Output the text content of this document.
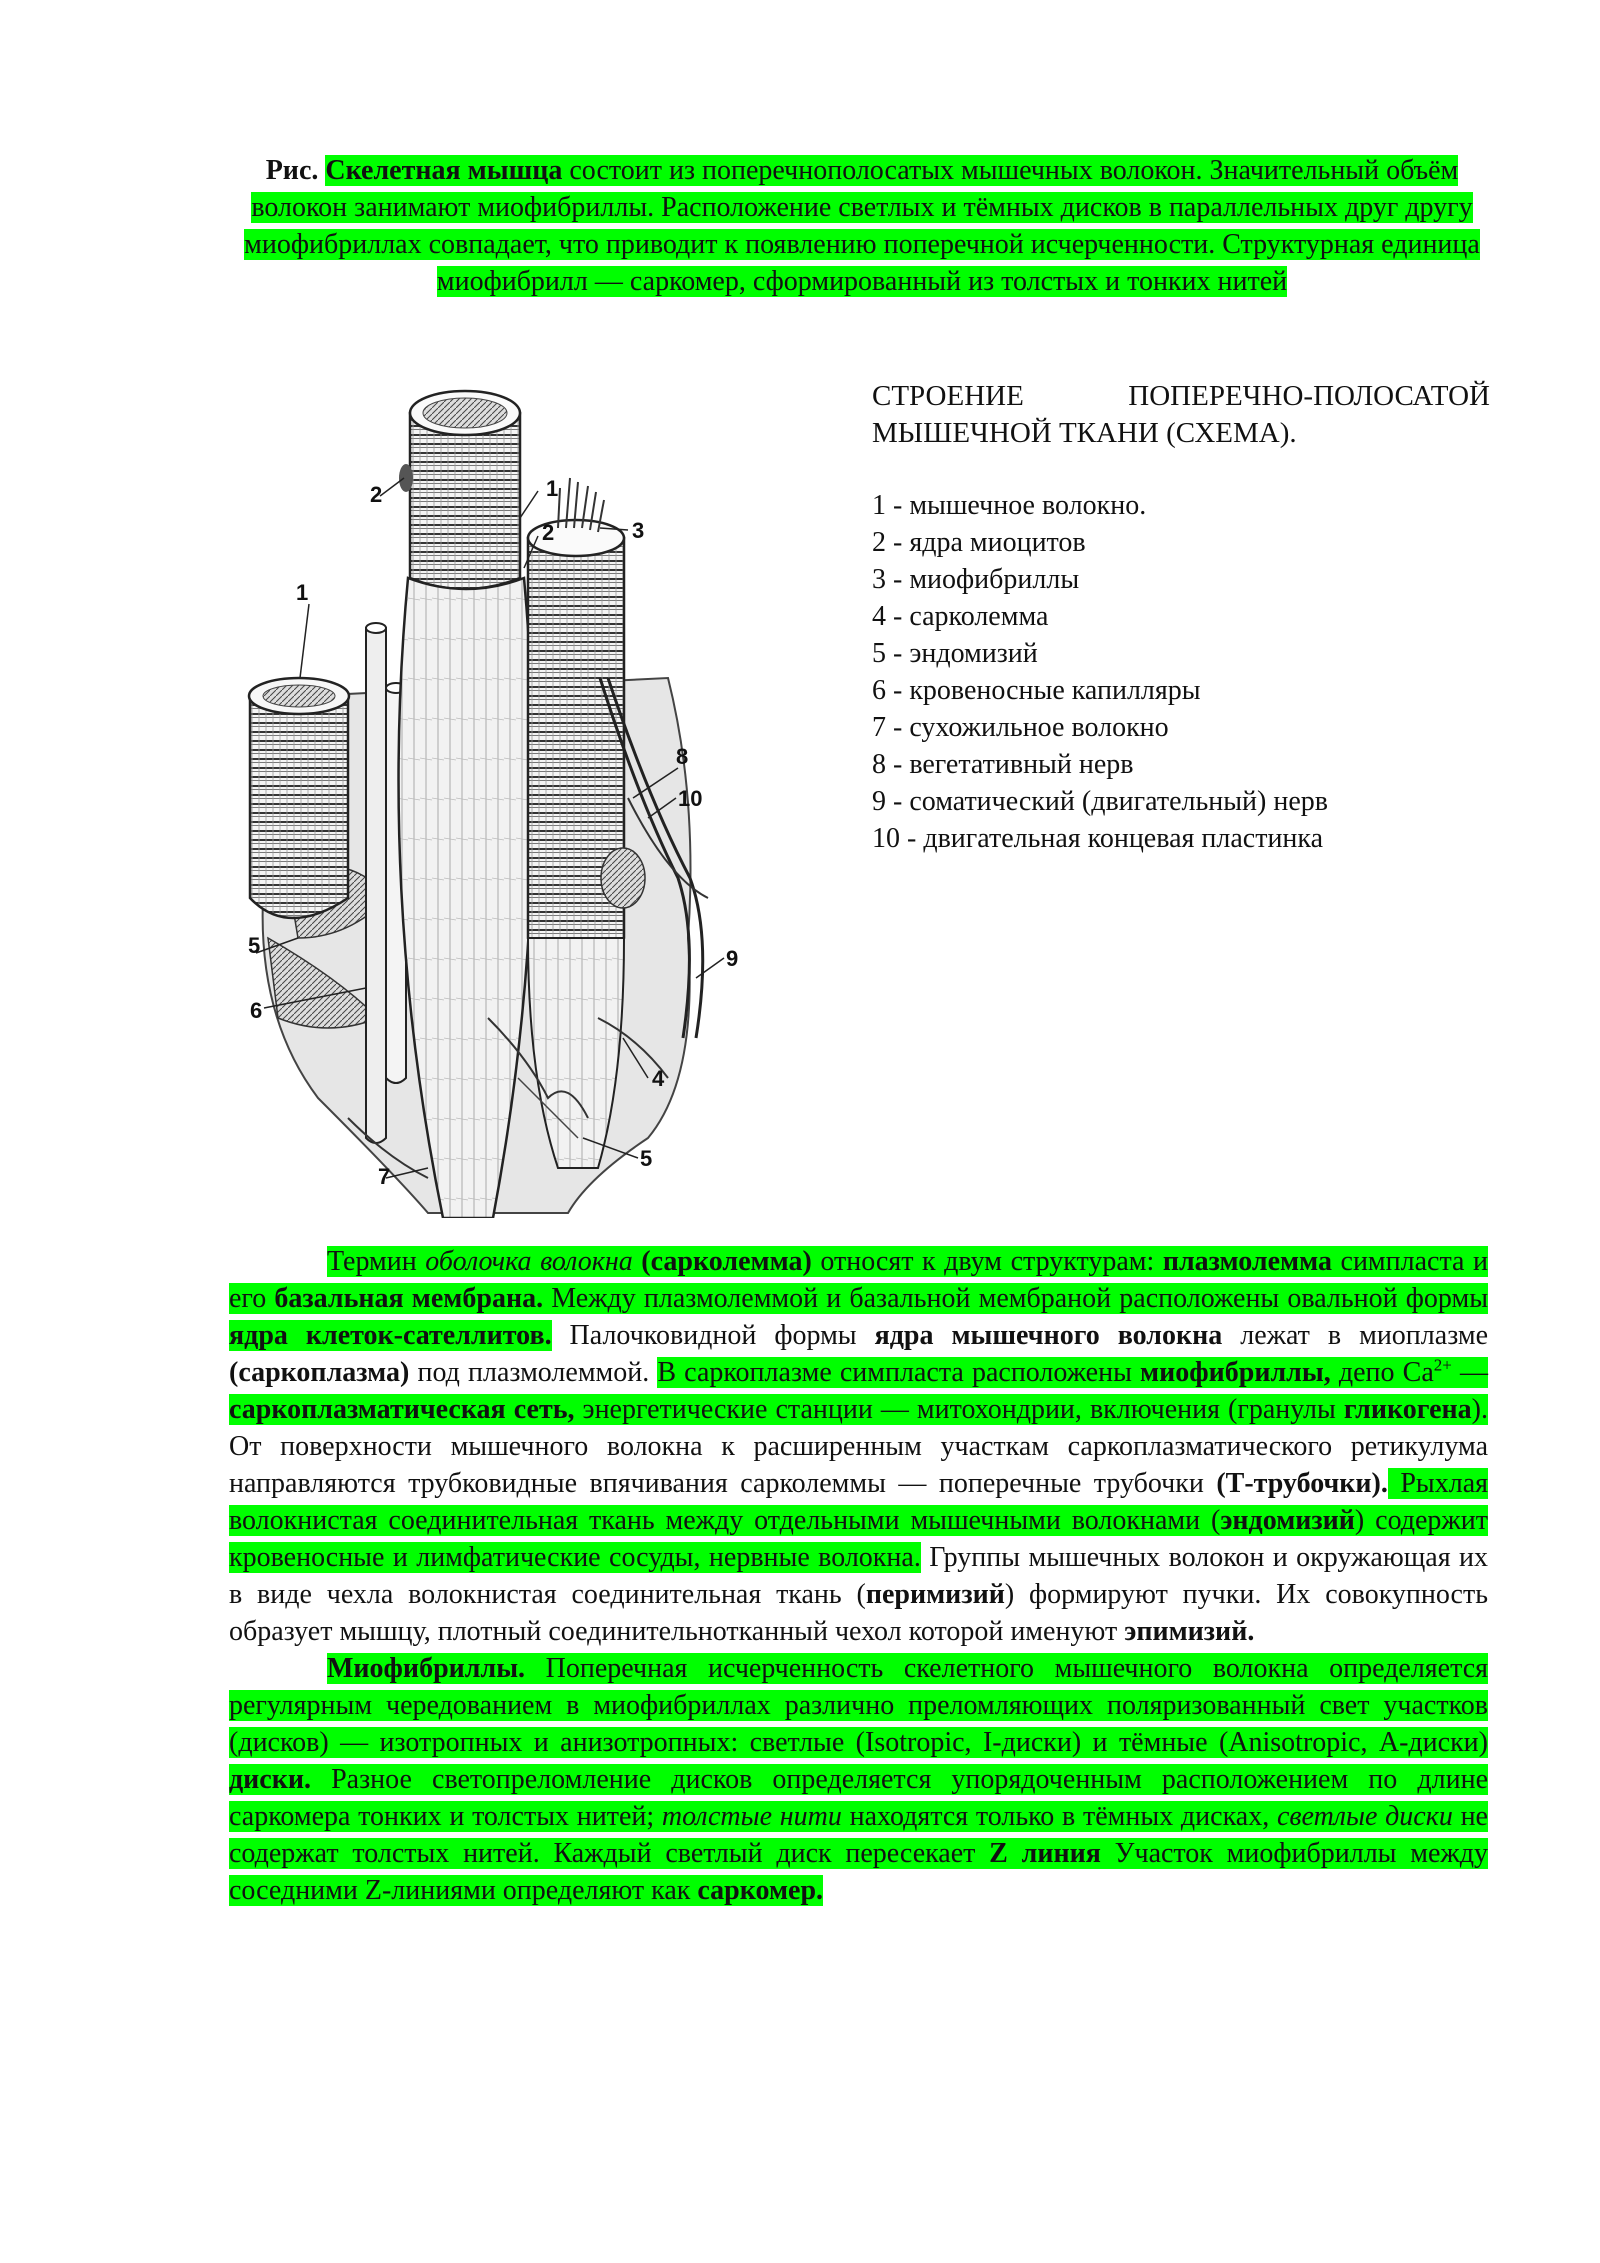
Рис. Скелетная мышца состоит из поперечнополосатых мышечных волокон. Значительный объём волокон занимают миофибриллы. Расположение светлых и тёмных дисков в параллельных друг другу миофибриллах совпадает, что приводит к появлению поперечной исчерченности. Структурная единица миофибрилл — саркомер, сформированный из толстых и тонких нитей
1
2
3
4
5
5
6
7
8
9
10
1
2
СТРОЕНИЕ	ПОПЕРЕЧНО-ПОЛОСАТОЙ
МЫШЕЧНОЙ ТКАНИ (СХЕМА).
1 - мышечное волокно.
2 - ядра миоцитов
3 - миофибриллы
4 - сарколемма
5 - эндомизий
6 - кровеносные капилляры
7 - сухожильное волокно
8 - вегетативный нерв
9 - соматический (двигательный) нерв
10 - двигательная концевая пластинка

Термин оболочка волокна (сарколемма) относят к двум структурам: плазмолемма симпласта и его базальная мембрана. Между плазмолеммой и базальной мембраной расположены овальной формы ядра клеток-сателлитов. Палочковидной формы ядра мышечного волокна лежат в миоплазме (саркоплазма) под плазмолеммой. В саркоплазме симпласта расположены миофибриллы, депо $Ca^{2+}$ — саркоплазматическая сеть, энергетические станции — митохондрии, включения (гранулы гликогена). От поверхности мышечного волокна к расширенным участкам саркоплазматического ретикулума направляются трубковидные впячивания сарколеммы — поперечные трубочки (Т-трубочки). Рыхлая волокнистая соединительная ткань между отдельными мышечными волокнами (эндомизий) содержит кровеносные и лимфатические сосуды, нервные волокна. Группы мышечных волокон и окружающая их в виде чехла волокнистая соединительная ткань (перимизий) формируют пучки. Их совокупность образует мышцу, плотный соединительнотканный чехол которой именуют эпимизий.

Миофибриллы. Поперечная исчерченность скелетного мышечного волокна определяется регулярным чередованием в миофибриллах различно преломляющих поляризованный свет участков (дисков) — изотропных и анизотропных: светлые (Isotropic, I-диски) и тёмные (Anisotropic, А-диски) диски. Разное светопреломление дисков определяется упорядоченным расположением по длине саркомера тонких и толстых нитей; толстые нити находятся только в тёмных дисках, светлые диски не содержат толстых нитей. Каждый светлый диск пересекает Z линия Участок миофибриллы между соседними Z-линиями определяют как саркомер.
